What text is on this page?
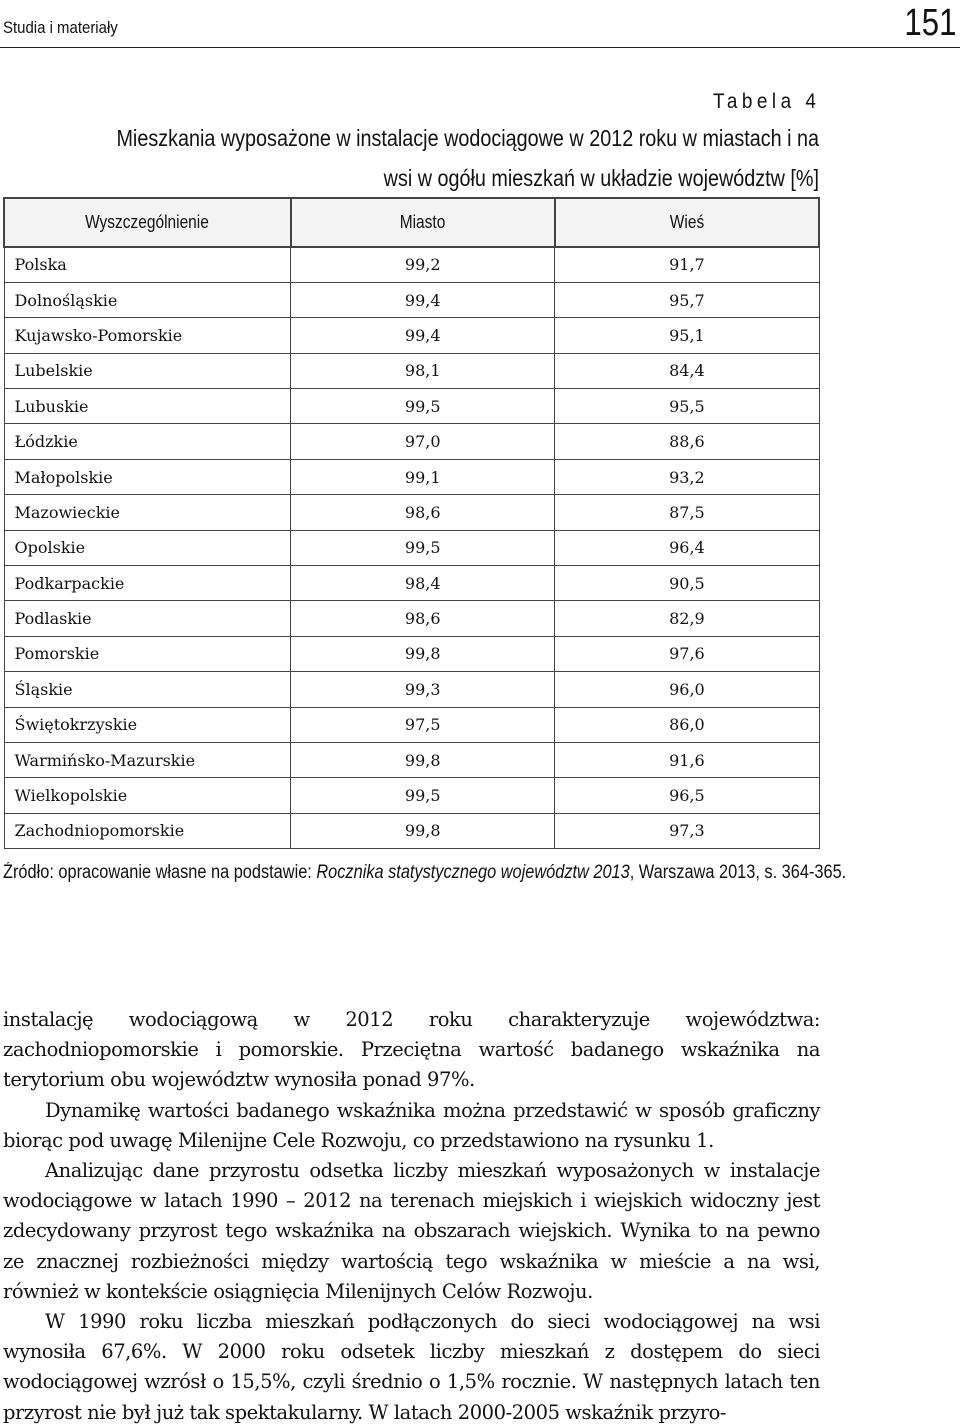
Studia i materiały	151
Tabela 4
Mieszkania wyposażone w instalacje wodociągowe w 2012 roku w miastach i na wsi w ogółu mieszkań w układzie województw [%]
Wyszczególnienie	Miasto	Wieś
Polska	99,2	91,7
Dolnośląskie	99,4	95,7
Kujawsko-Pomorskie	99,4	95,1
Lubelskie	98,1	84,4
Lubuskie	99,5	95,5
Łódzkie	97,0	88,6
Małopolskie	99,1	93,2
Mazowieckie	98,6	87,5
Opolskie	99,5	96,4
Podkarpackie	98,4	90,5
Podlaskie	98,6	82,9
Pomorskie	99,8	97,6
Śląskie	99,3	96,0
Świętokrzyskie	97,5	86,0
Warmińsko-Mazurskie	99,8	91,6
Wielkopolskie	99,5	96,5
Zachodniopomorskie	99,8	97,3
Źródło: opracowanie własne na podstawie: Rocznika statystycznego województw 2013, Warszawa 2013, s. 364-365.

instalację wodociągową w 2012 roku charakteryzuje województwa: zachodniopomorskie i pomorskie. Przeciętna wartość badanego wskaźnika na terytorium obu województw wynosiła ponad 97%.

Dynamikę wartości badanego wskaźnika można przedstawić w sposób graficzny biorąc pod uwagę Milenijne Cele Rozwoju, co przedstawiono na rysunku 1.

Analizując dane przyrostu odsetka liczby mieszkań wyposażonych w instalacje wodociągowe w latach 1990 – 2012 na terenach miejskich i wiejskich widoczny jest zdecydowany przyrost tego wskaźnika na obszarach wiejskich. Wynika to na pewno ze znacznej rozbieżności między wartością tego wskaźnika w mieście a na wsi, również w kontekście osiągnięcia Milenijnych Celów Rozwoju.

W 1990 roku liczba mieszkań podłączonych do sieci wodociągowej na wsi wynosiła 67,6%. W 2000 roku odsetek liczby mieszkań z dostępem do sieci wodociągowej wzrósł o 15,5%, czyli średnio o 1,5% rocznie. W następnych latach ten przyrost nie był już tak spektakularny. W latach 2000-2005 wskaźnik przyro-
